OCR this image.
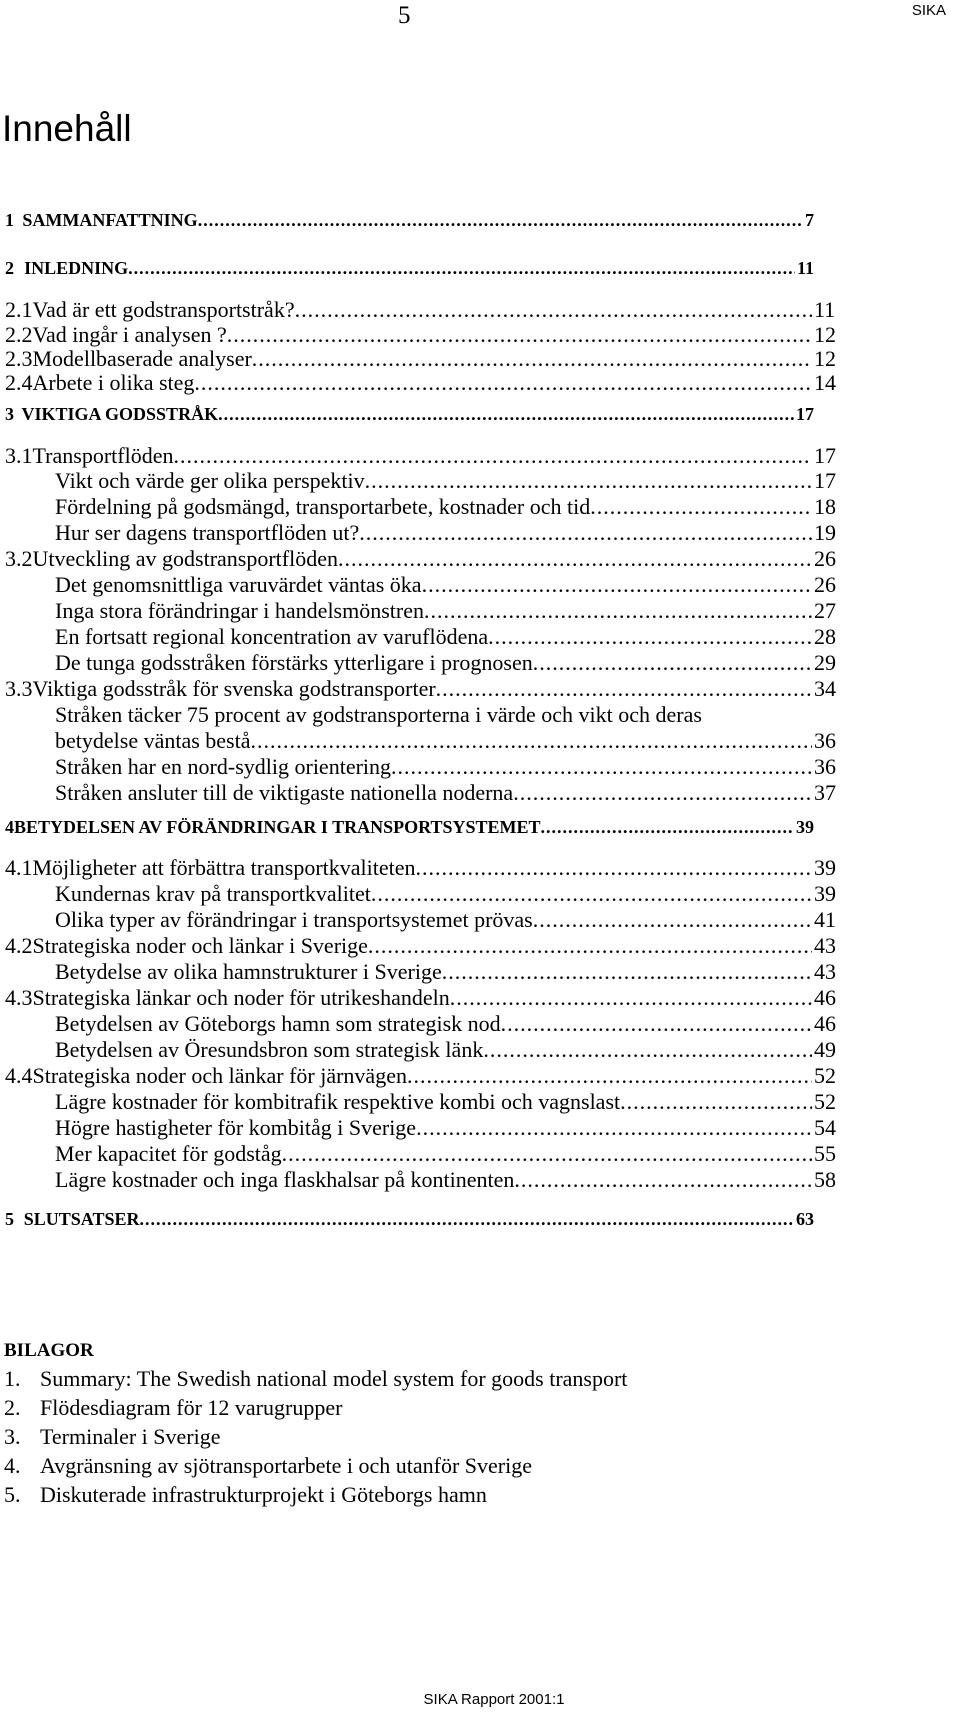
5	SIKA
Innehåll
1 SAMMANFATTNING .....	7
2 INLEDNING .....	11
2.1 Vad är ett godstransportstråk? .....	11
2.2 Vad ingår i analysen ? .....	12
2.3 Modellbaserade analyser .....	12
2.4 Arbete i olika steg .....	14
3 VIKTIGA GODSSTRÅK .....	17
3.1 Transportflöden .....	17
Vikt och värde ger olika perspektiv .....	17
Fördelning på godsmängd, transportarbete, kostnader och tid .....	18
Hur ser dagens transportflöden ut? .....	19
3.2 Utveckling av godstransportflöden .....	26
Det genomsnittliga varuvärdet väntas öka .....	26
Inga stora förändringar i handelsmönstren .....	27
En fortsatt regional koncentration av varuflödena .....	28
De tunga godsstråken förstärks ytterligare i prognosen .....	29
3.3 Viktiga godsstråk för svenska godstransporter .....	34
Stråken täcker 75 procent av godstransporterna i värde och vikt och deras
betydelse väntas bestå .....	36
Stråken har en nord-sydlig orientering .....	36
Stråken ansluter till de viktigaste nationella noderna .....	37
4 BETYDELSEN AV FÖRÄNDRINGAR I TRANSPORTSYSTEMET .....	39
4.1 Möjligheter att förbättra transportkvaliteten .....	39
Kundernas krav på transportkvalitet .....	39
Olika typer av förändringar i transportsystemet prövas .....	41
4.2 Strategiska noder och länkar i Sverige .....	43
Betydelse av olika hamnstrukturer i Sverige .....	43
4.3 Strategiska länkar och noder för utrikeshandeln .....	46
Betydelsen av Göteborgs hamn som strategisk nod .....	46
Betydelsen av Öresundsbron som strategisk länk .....	49
4.4 Strategiska noder och länkar för järnvägen .....	52
Lägre kostnader för kombitrafik respektive kombi och vagnslast .....	52
Högre hastigheter för kombitåg i Sverige .....	54
Mer kapacitet för godståg .....	55
Lägre kostnader och inga flaskhalsar på kontinenten .....	58
5 SLUTSATSER .....	63
BILAGOR
1. Summary: The Swedish national model system for goods transport
2. Flödesdiagram för 12 varugrupper
3. Terminaler i Sverige
4. Avgränsning av sjötransportarbete i och utanför Sverige
5. Diskuterade infrastrukturprojekt i Göteborgs hamn
SIKA Rapport 2001:1
